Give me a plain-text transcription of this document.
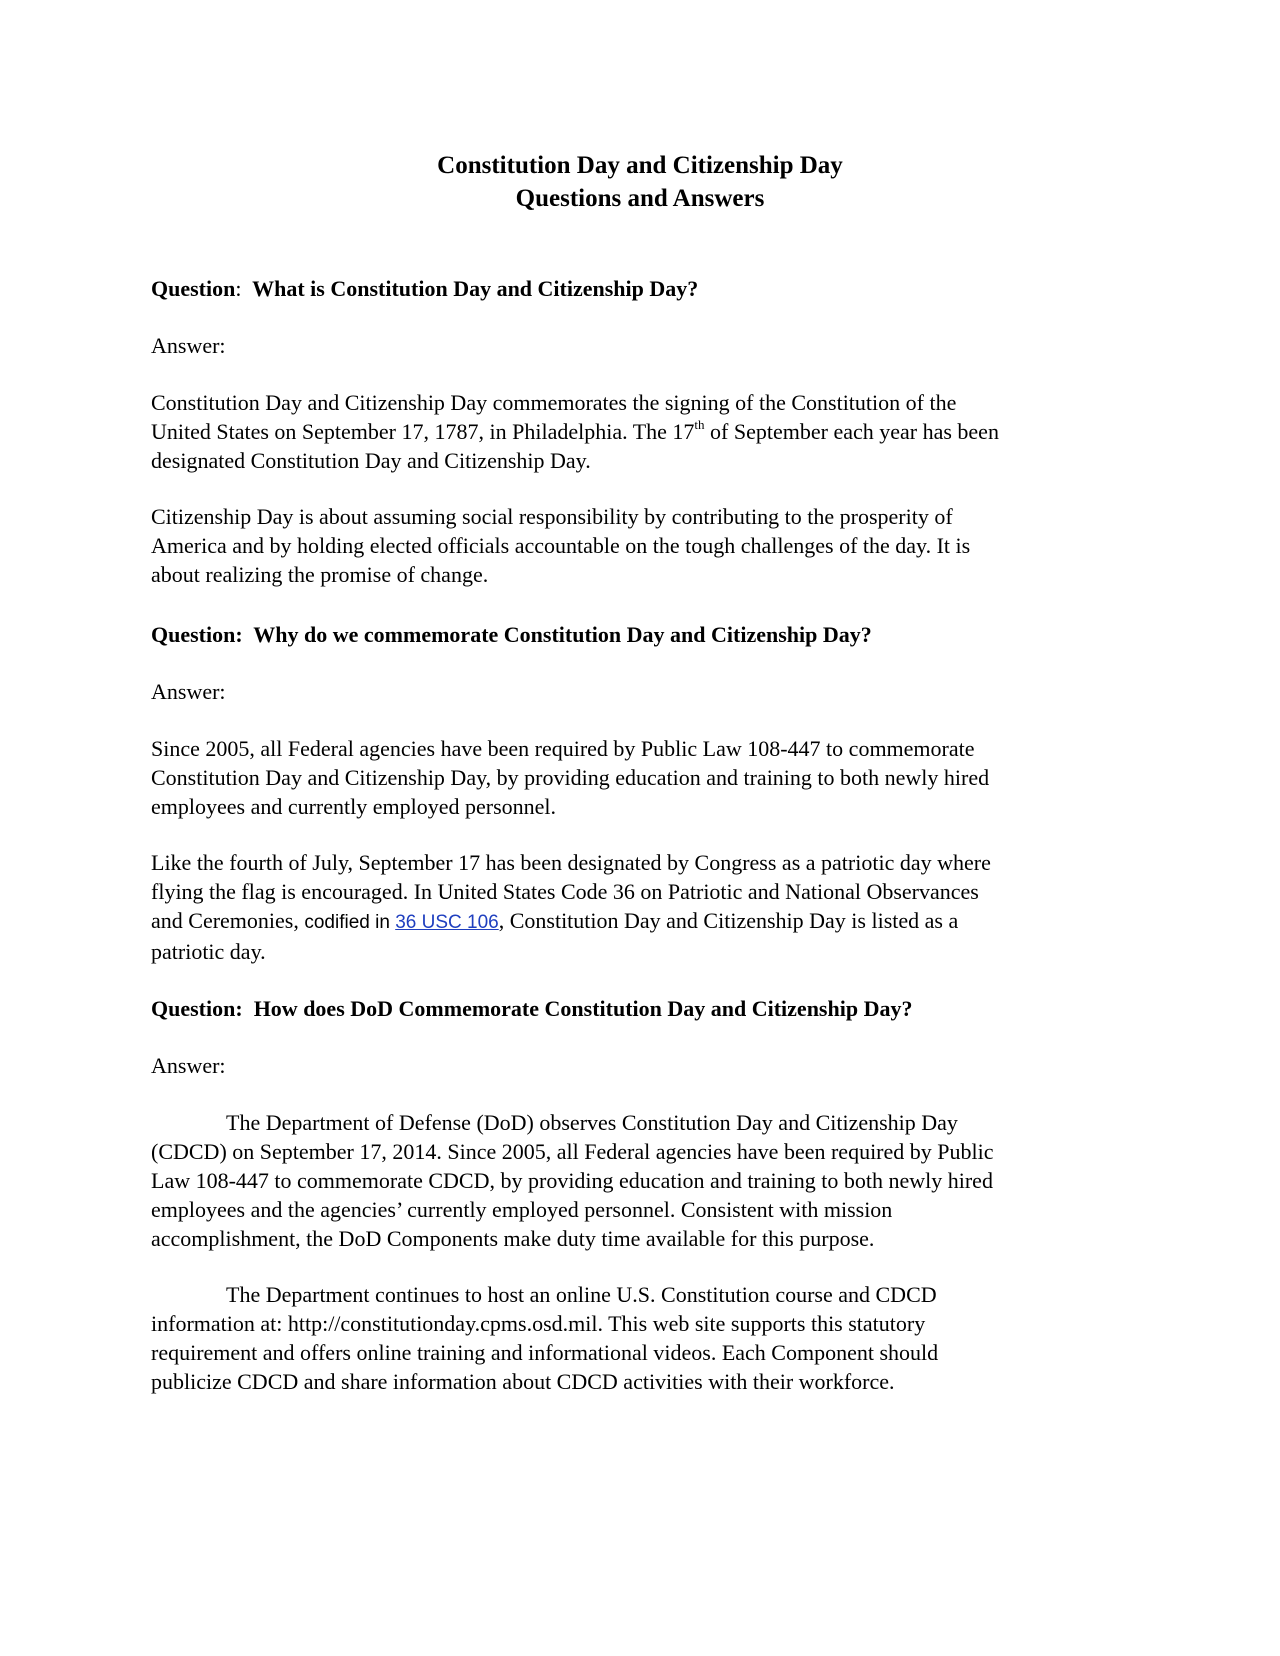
Constitution Day and Citizenship Day
Questions and Answers
Question: What is Constitution Day and Citizenship Day?
Answer:
Constitution Day and Citizenship Day commemorates the signing of the Constitution of the
United States on September 17, 1787, in Philadelphia. The 17th of September each year has been
designated Constitution Day and Citizenship Day.
Citizenship Day is about assuming social responsibility by contributing to the prosperity of
America and by holding elected officials accountable on the tough challenges of the day. It is
about realizing the promise of change.
Question: Why do we commemorate Constitution Day and Citizenship Day?
Answer:
Since 2005, all Federal agencies have been required by Public Law 108-447 to commemorate
Constitution Day and Citizenship Day, by providing education and training to both newly hired
employees and currently employed personnel.
Like the fourth of July, September 17 has been designated by Congress as a patriotic day where
flying the flag is encouraged. In United States Code 36 on Patriotic and National Observances
and Ceremonies, codified in 36 USC 106, Constitution Day and Citizenship Day is listed as a
patriotic day.
Question: How does DoD Commemorate Constitution Day and Citizenship Day?
Answer:
The Department of Defense (DoD) observes Constitution Day and Citizenship Day
(CDCD) on September 17, 2014. Since 2005, all Federal agencies have been required by Public
Law 108-447 to commemorate CDCD, by providing education and training to both newly hired
employees and the agencies’ currently employed personnel. Consistent with mission
accomplishment, the DoD Components make duty time available for this purpose.
The Department continues to host an online U.S. Constitution course and CDCD
information at: http://constitutionday.cpms.osd.mil. This web site supports this statutory
requirement and offers online training and informational videos. Each Component should
publicize CDCD and share information about CDCD activities with their workforce.
